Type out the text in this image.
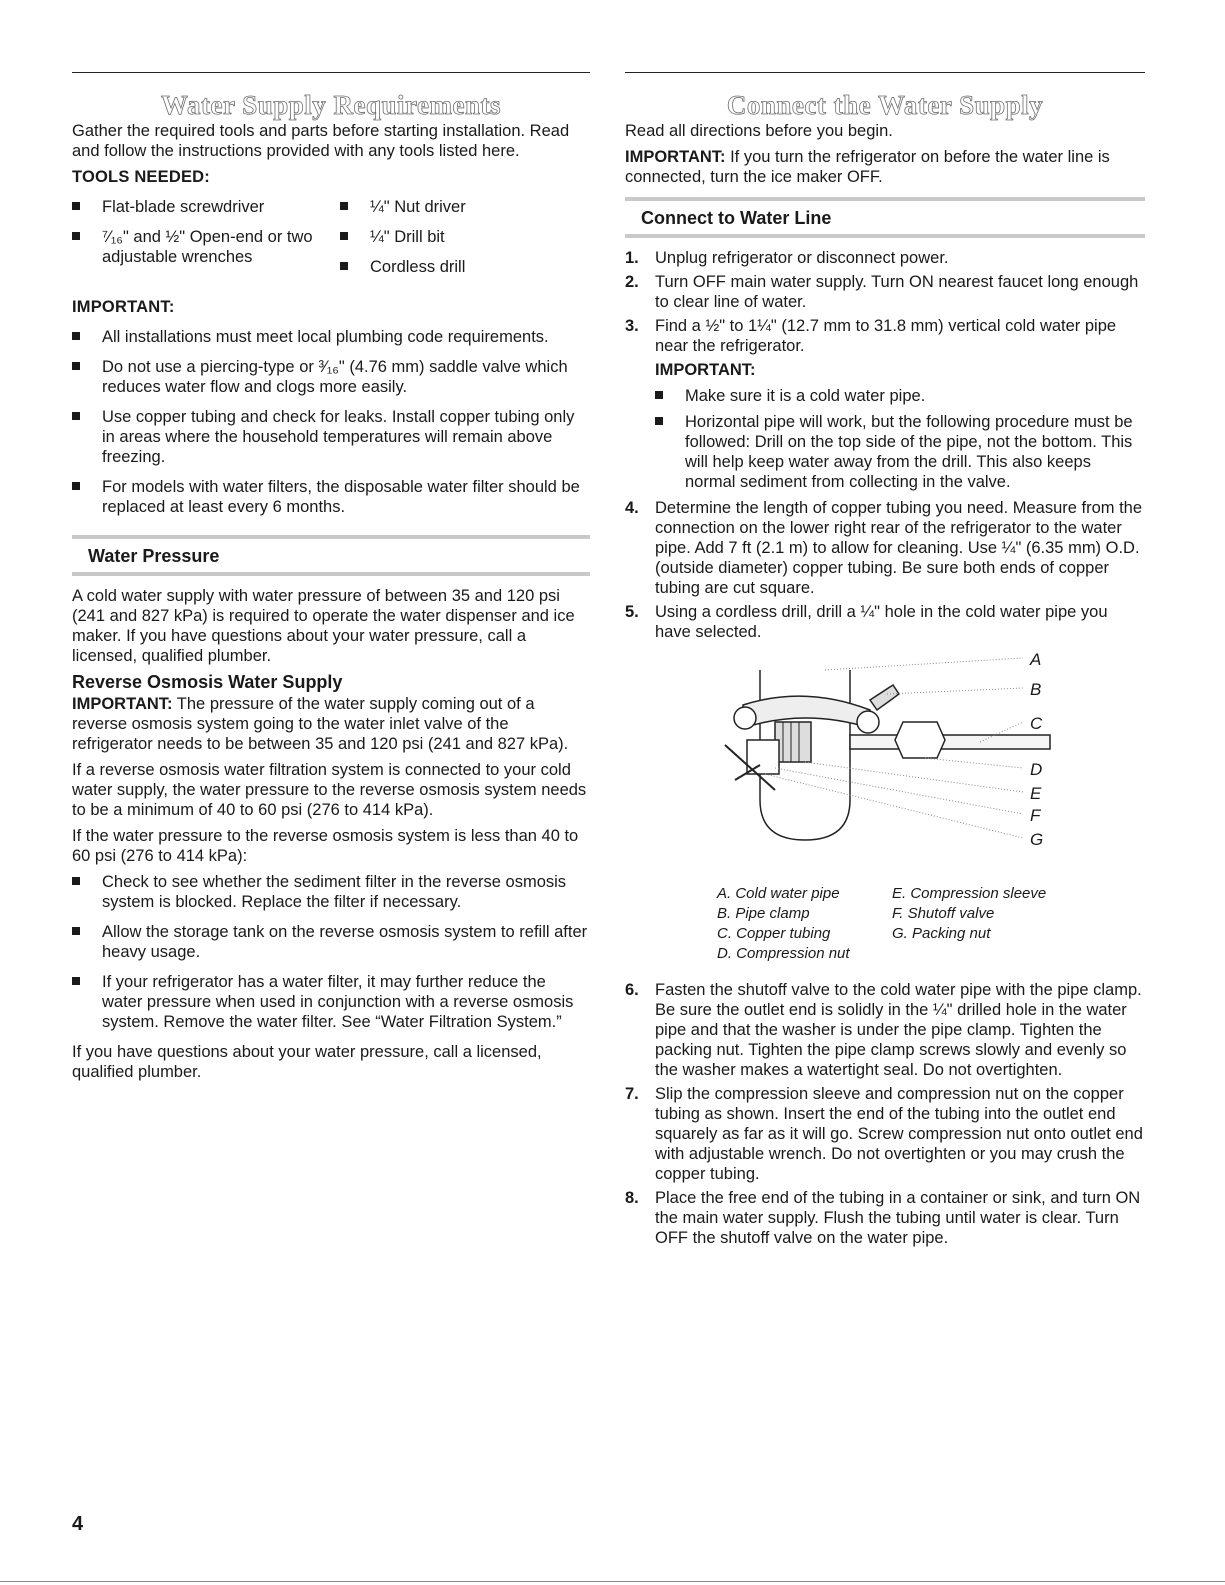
Water Supply Requirements

Gather the required tools and parts before starting installation. Read and follow the instructions provided with any tools listed here.

TOOLS NEEDED:
Flat-blade screwdriver
⁷⁄₁₆" and ½" Open-end or two adjustable wrenches
¼" Nut driver
¼" Drill bit
Cordless drill
IMPORTANT:
All installations must meet local plumbing code requirements.
Do not use a piercing-type or ³⁄₁₆" (4.76 mm) saddle valve which reduces water flow and clogs more easily.
Use copper tubing and check for leaks. Install copper tubing only in areas where the household temperatures will remain above freezing.
For models with water filters, the disposable water filter should be replaced at least every 6 months.
Water Pressure

A cold water supply with water pressure of between 35 and 120 psi (241 and 827 kPa) is required to operate the water dispenser and ice maker. If you have questions about your water pressure, call a licensed, qualified plumber.

Reverse Osmosis Water Supply

IMPORTANT: The pressure of the water supply coming out of a reverse osmosis system going to the water inlet valve of the refrigerator needs to be between 35 and 120 psi (241 and 827 kPa).

If a reverse osmosis water filtration system is connected to your cold water supply, the water pressure to the reverse osmosis system needs to be a minimum of 40 to 60 psi (276 to 414 kPa).

If the water pressure to the reverse osmosis system is less than 40 to 60 psi (276 to 414 kPa):

Check to see whether the sediment filter in the reverse osmosis system is blocked. Replace the filter if necessary.
Allow the storage tank on the reverse osmosis system to refill after heavy usage.
If your refrigerator has a water filter, it may further reduce the water pressure when used in conjunction with a reverse osmosis system. Remove the water filter. See “Water Filtration System.”

If you have questions about your water pressure, call a licensed, qualified plumber.

Connect the Water Supply

Read all directions before you begin.

IMPORTANT: If you turn the refrigerator on before the water line is connected, turn the ice maker OFF.

Connect to Water Line
1. Unplug refrigerator or disconnect power.
2. Turn OFF main water supply. Turn ON nearest faucet long enough to clear line of water.
3. Find a ½" to 1¼" (12.7 mm to 31.8 mm) vertical cold water pipe near the refrigerator.
IMPORTANT:
Make sure it is a cold water pipe.
Horizontal pipe will work, but the following procedure must be followed: Drill on the top side of the pipe, not the bottom. This will help keep water away from the drill. This also keeps normal sediment from collecting in the valve.
4. Determine the length of copper tubing you need. Measure from the connection on the lower right rear of the refrigerator to the water pipe. Add 7 ft (2.1 m) to allow for cleaning. Use ¼" (6.35 mm) O.D. (outside diameter) copper tubing. Be sure both ends of copper tubing are cut square.
5. Using a cordless drill, drill a ¼" hole in the cold water pipe you have selected.
A
B
C
D
E
F
G
A. Cold water pipe
B. Pipe clamp
C. Copper tubing
D. Compression nut
E. Compression sleeve
F. Shutoff valve
G. Packing nut
6. Fasten the shutoff valve to the cold water pipe with the pipe clamp. Be sure the outlet end is solidly in the ¼" drilled hole in the water pipe and that the washer is under the pipe clamp. Tighten the packing nut. Tighten the pipe clamp screws slowly and evenly so the washer makes a watertight seal. Do not overtighten.
7. Slip the compression sleeve and compression nut on the copper tubing as shown. Insert the end of the tubing into the outlet end squarely as far as it will go. Screw compression nut onto outlet end with adjustable wrench. Do not overtighten or you may crush the copper tubing.
8. Place the free end of the tubing in a container or sink, and turn ON the main water supply. Flush the tubing until water is clear. Turn OFF the shutoff valve on the water pipe.
4
